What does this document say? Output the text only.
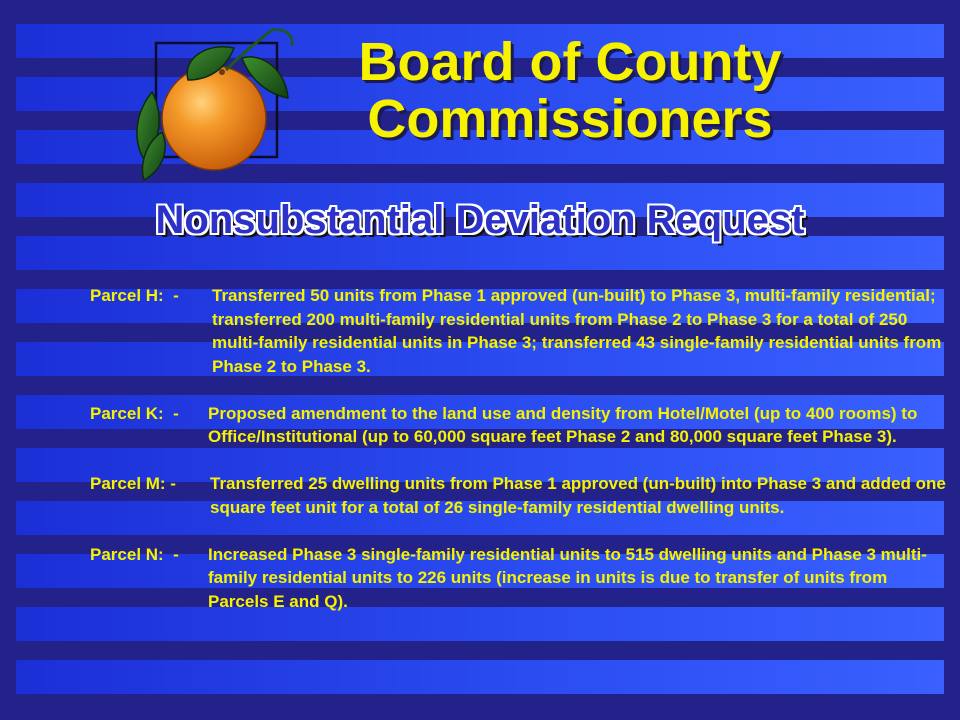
Board of County
Commissioners
Nonsubstantial Deviation Request
Parcel H:  -	Transferred 50 units from Phase 1 approved (un-built) to Phase 3, multi-family residential; transferred 200 multi-family residential units from Phase 2 to Phase 3 for a total of 250 multi-family residential units in Phase 3; transferred 43 single-family residential units from Phase 2 to Phase 3.
Parcel K:  -	Proposed amendment to the land use and density from Hotel/Motel (up to 400 rooms) to Office/Institutional (up to 60,000 square feet Phase 2 and 80,000 square feet Phase 3).
Parcel M: -	Transferred 25 dwelling units from Phase 1 approved (un-built) into Phase 3 and added one square feet unit for a total of 26 single-family residential dwelling units.
Parcel N:  -	Increased Phase 3 single-family residential units to 515 dwelling units and Phase 3 multi-family residential units to 226 units (increase in units is due to transfer of units from Parcels E and Q).
